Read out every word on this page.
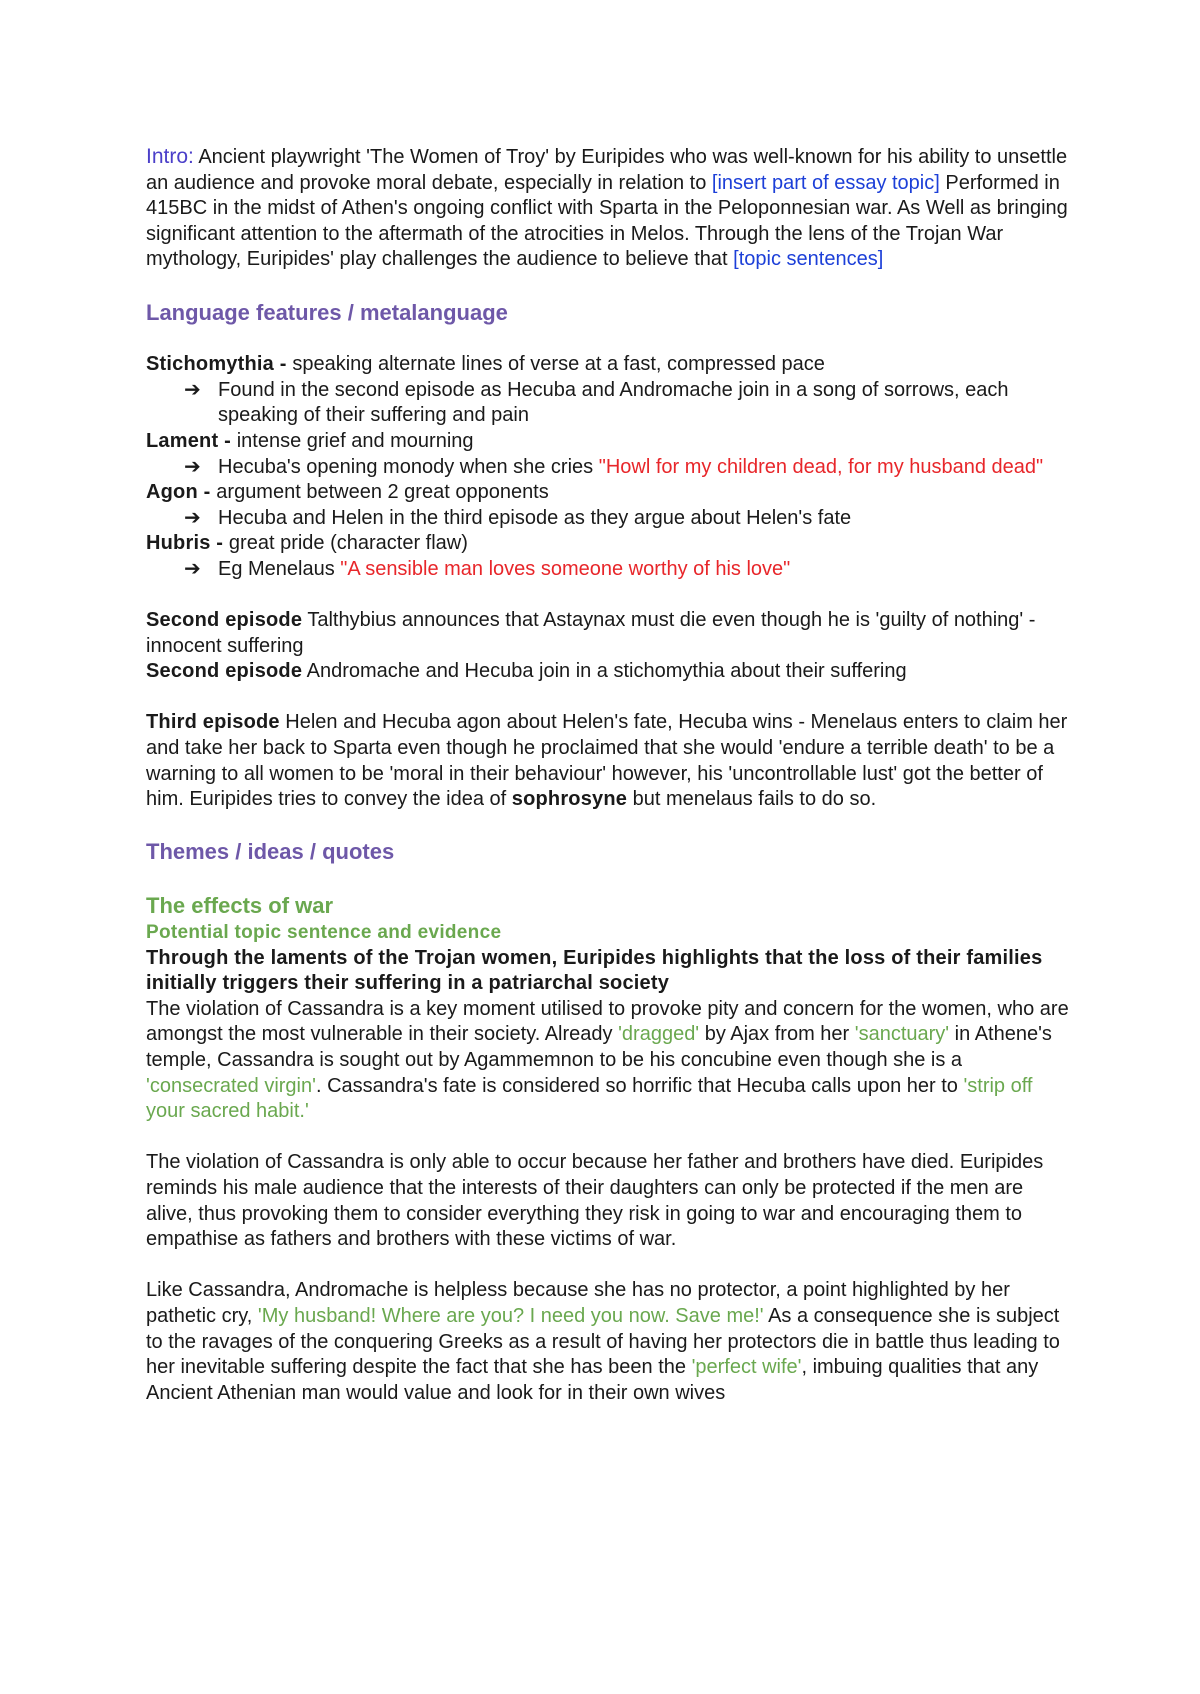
Intro: Ancient playwright 'The Women of Troy' by Euripides who was well-known for his ability to unsettle an audience and provoke moral debate, especially in relation to [insert part of essay topic] Performed in 415BC in the midst of Athen's ongoing conflict with Sparta in the Peloponnesian war. As Well as bringing significant attention to the aftermath of the atrocities in Melos. Through the lens of the Trojan War mythology, Euripides' play challenges the audience to believe that [topic sentences]

Language features / metalanguage

Stichomythia - speaking alternate lines of verse at a fast, compressed pace

➔ Found in the second episode as Hecuba and Andromache join in a song of sorrows, each speaking of their suffering and pain

Lament - intense grief and mourning

➔ Hecuba's opening monody when she cries "Howl for my children dead, for my husband dead"

Agon - argument between 2 great opponents

➔ Hecuba and Helen in the third episode as they argue about Helen's fate

Hubris - great pride (character flaw)

➔ Eg Menelaus "A sensible man loves someone worthy of his love"

Second episode Talthybius announces that Astaynax must die even though he is 'guilty of nothing' - innocent suffering

Second episode Andromache and Hecuba join in a stichomythia about their suffering

Third episode Helen and Hecuba agon about Helen's fate, Hecuba wins - Menelaus enters to claim her and take her back to Sparta even though he proclaimed that she would 'endure a terrible death' to be a warning to all women to be 'moral in their behaviour' however, his 'uncontrollable lust' got the better of him. Euripides tries to convey the idea of sophrosyne but menelaus fails to do so.

Themes / ideas / quotes

The effects of war

Potential topic sentence and evidence

Through the laments of the Trojan women, Euripides highlights that the loss of their families initially triggers their suffering in a patriarchal society

The violation of Cassandra is a key moment utilised to provoke pity and concern for the women, who are amongst the most vulnerable in their society. Already 'dragged' by Ajax from her 'sanctuary' in Athene's temple, Cassandra is sought out by Agammemnon to be his concubine even though she is a 'consecrated virgin'. Cassandra's fate is considered so horrific that Hecuba calls upon her to 'strip off your sacred habit.'

The violation of Cassandra is only able to occur because her father and brothers have died. Euripides reminds his male audience that the interests of their daughters can only be protected if the men are alive, thus provoking them to consider everything they risk in going to war and encouraging them to empathise as fathers and brothers with these victims of war.

Like Cassandra, Andromache is helpless because she has no protector, a point highlighted by her pathetic cry, 'My husband! Where are you? I need you now. Save me!' As a consequence she is subject to the ravages of the conquering Greeks as a result of having her protectors die in battle thus leading to her inevitable suffering despite the fact that she has been the 'perfect wife', imbuing qualities that any Ancient Athenian man would value and look for in their own wives
